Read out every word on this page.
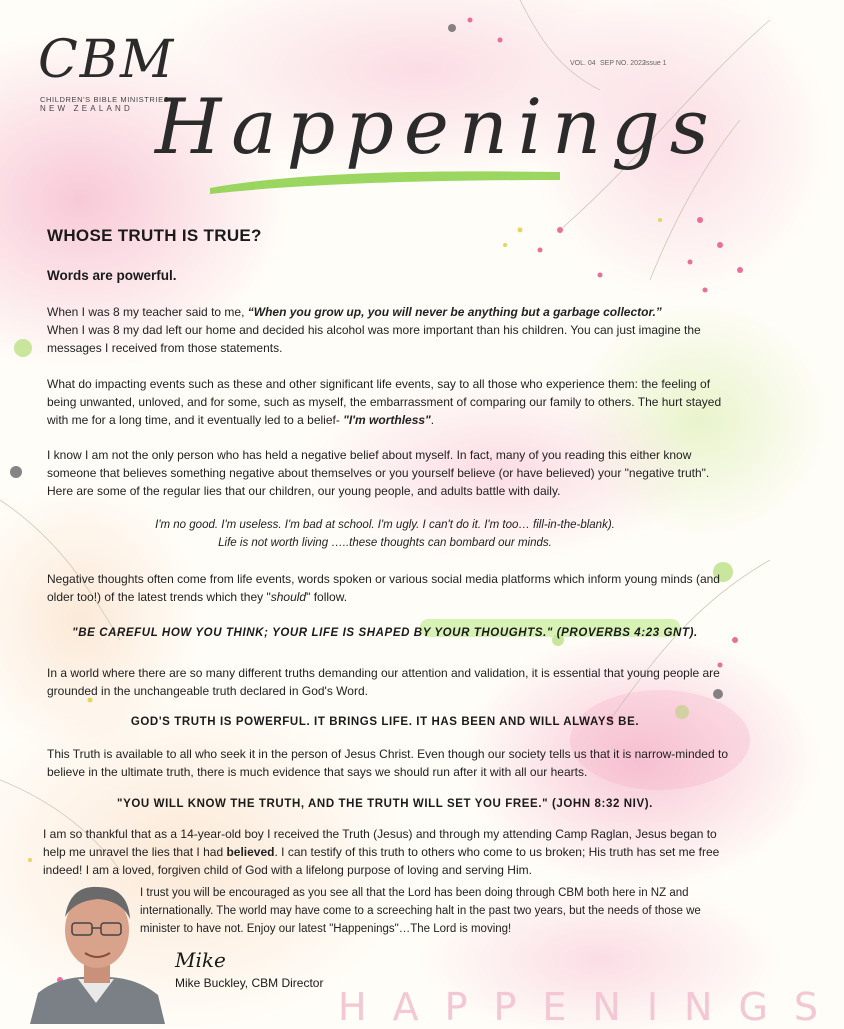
CBM
CHILDREN'S BIBLE MINISTRIES
NEW ZEALAND
VOL. 04 SEP NO. 2022
Issue 1
Happenings
WHOSE TRUTH IS TRUE?
Words are powerful.

When I was 8 my teacher said to me, “When you grow up, you will never be anything but a garbage collector.”
When I was 8 my dad left our home and decided his alcohol was more important than his children. You can just imagine the messages I received from those statements.

What do impacting events such as these and other significant life events, say to all those who experience them: the feeling of being unwanted, unloved, and for some, such as myself, the embarrassment of comparing our family to others. The hurt stayed with me for a long time, and it eventually led to a belief- "I'm worthless".

I know I am not the only person who has held a negative belief about myself. In fact, many of you reading this either know someone that believes something negative about themselves or you yourself believe (or have believed) your "negative truth". Here are some of the regular lies that our children, our young people, and adults battle with daily.

I'm no good. I'm useless. I'm bad at school. I'm ugly. I can't do it. I'm too… fill-in-the-blank).
Life is not worth living …..these thoughts can bombard our minds.

Negative thoughts often come from life events, words spoken or various social media platforms which inform young minds (and older too!) of the latest trends which they "should" follow.

"BE CAREFUL HOW YOU THINK; YOUR LIFE IS SHAPED BY YOUR THOUGHTS." (PROVERBS 4:23 GNT).

In a world where there are so many different truths demanding our attention and validation, it is essential that young people are grounded in the unchangeable truth declared in God's Word.

GOD'S TRUTH IS POWERFUL. IT BRINGS LIFE. IT HAS BEEN AND WILL ALWAYS BE.

This Truth is available to all who seek it in the person of Jesus Christ. Even though our society tells us that it is narrow-minded to believe in the ultimate truth, there is much evidence that says we should run after it with all our hearts.

"YOU WILL KNOW THE TRUTH, AND THE TRUTH WILL SET YOU FREE." (JOHN 8:32 NIV).

I am so thankful that as a 14-year-old boy I received the Truth (Jesus) and through my attending Camp Raglan, Jesus began to help me unravel the lies that I had believed. I can testify of this truth to others who come to us broken; His truth has set me free indeed! I am a loved, forgiven child of God with a lifelong purpose of loving and serving Him.

I trust you will be encouraged as you see all that the Lord has been doing through CBM both here in NZ and internationally. The world may have come to a screeching halt in the past two years, but the needs of those we minister to have not. Enjoy our latest "Happenings"…The Lord is moving!

Mike
Mike Buckley, CBM Director
HAPPENINGS
